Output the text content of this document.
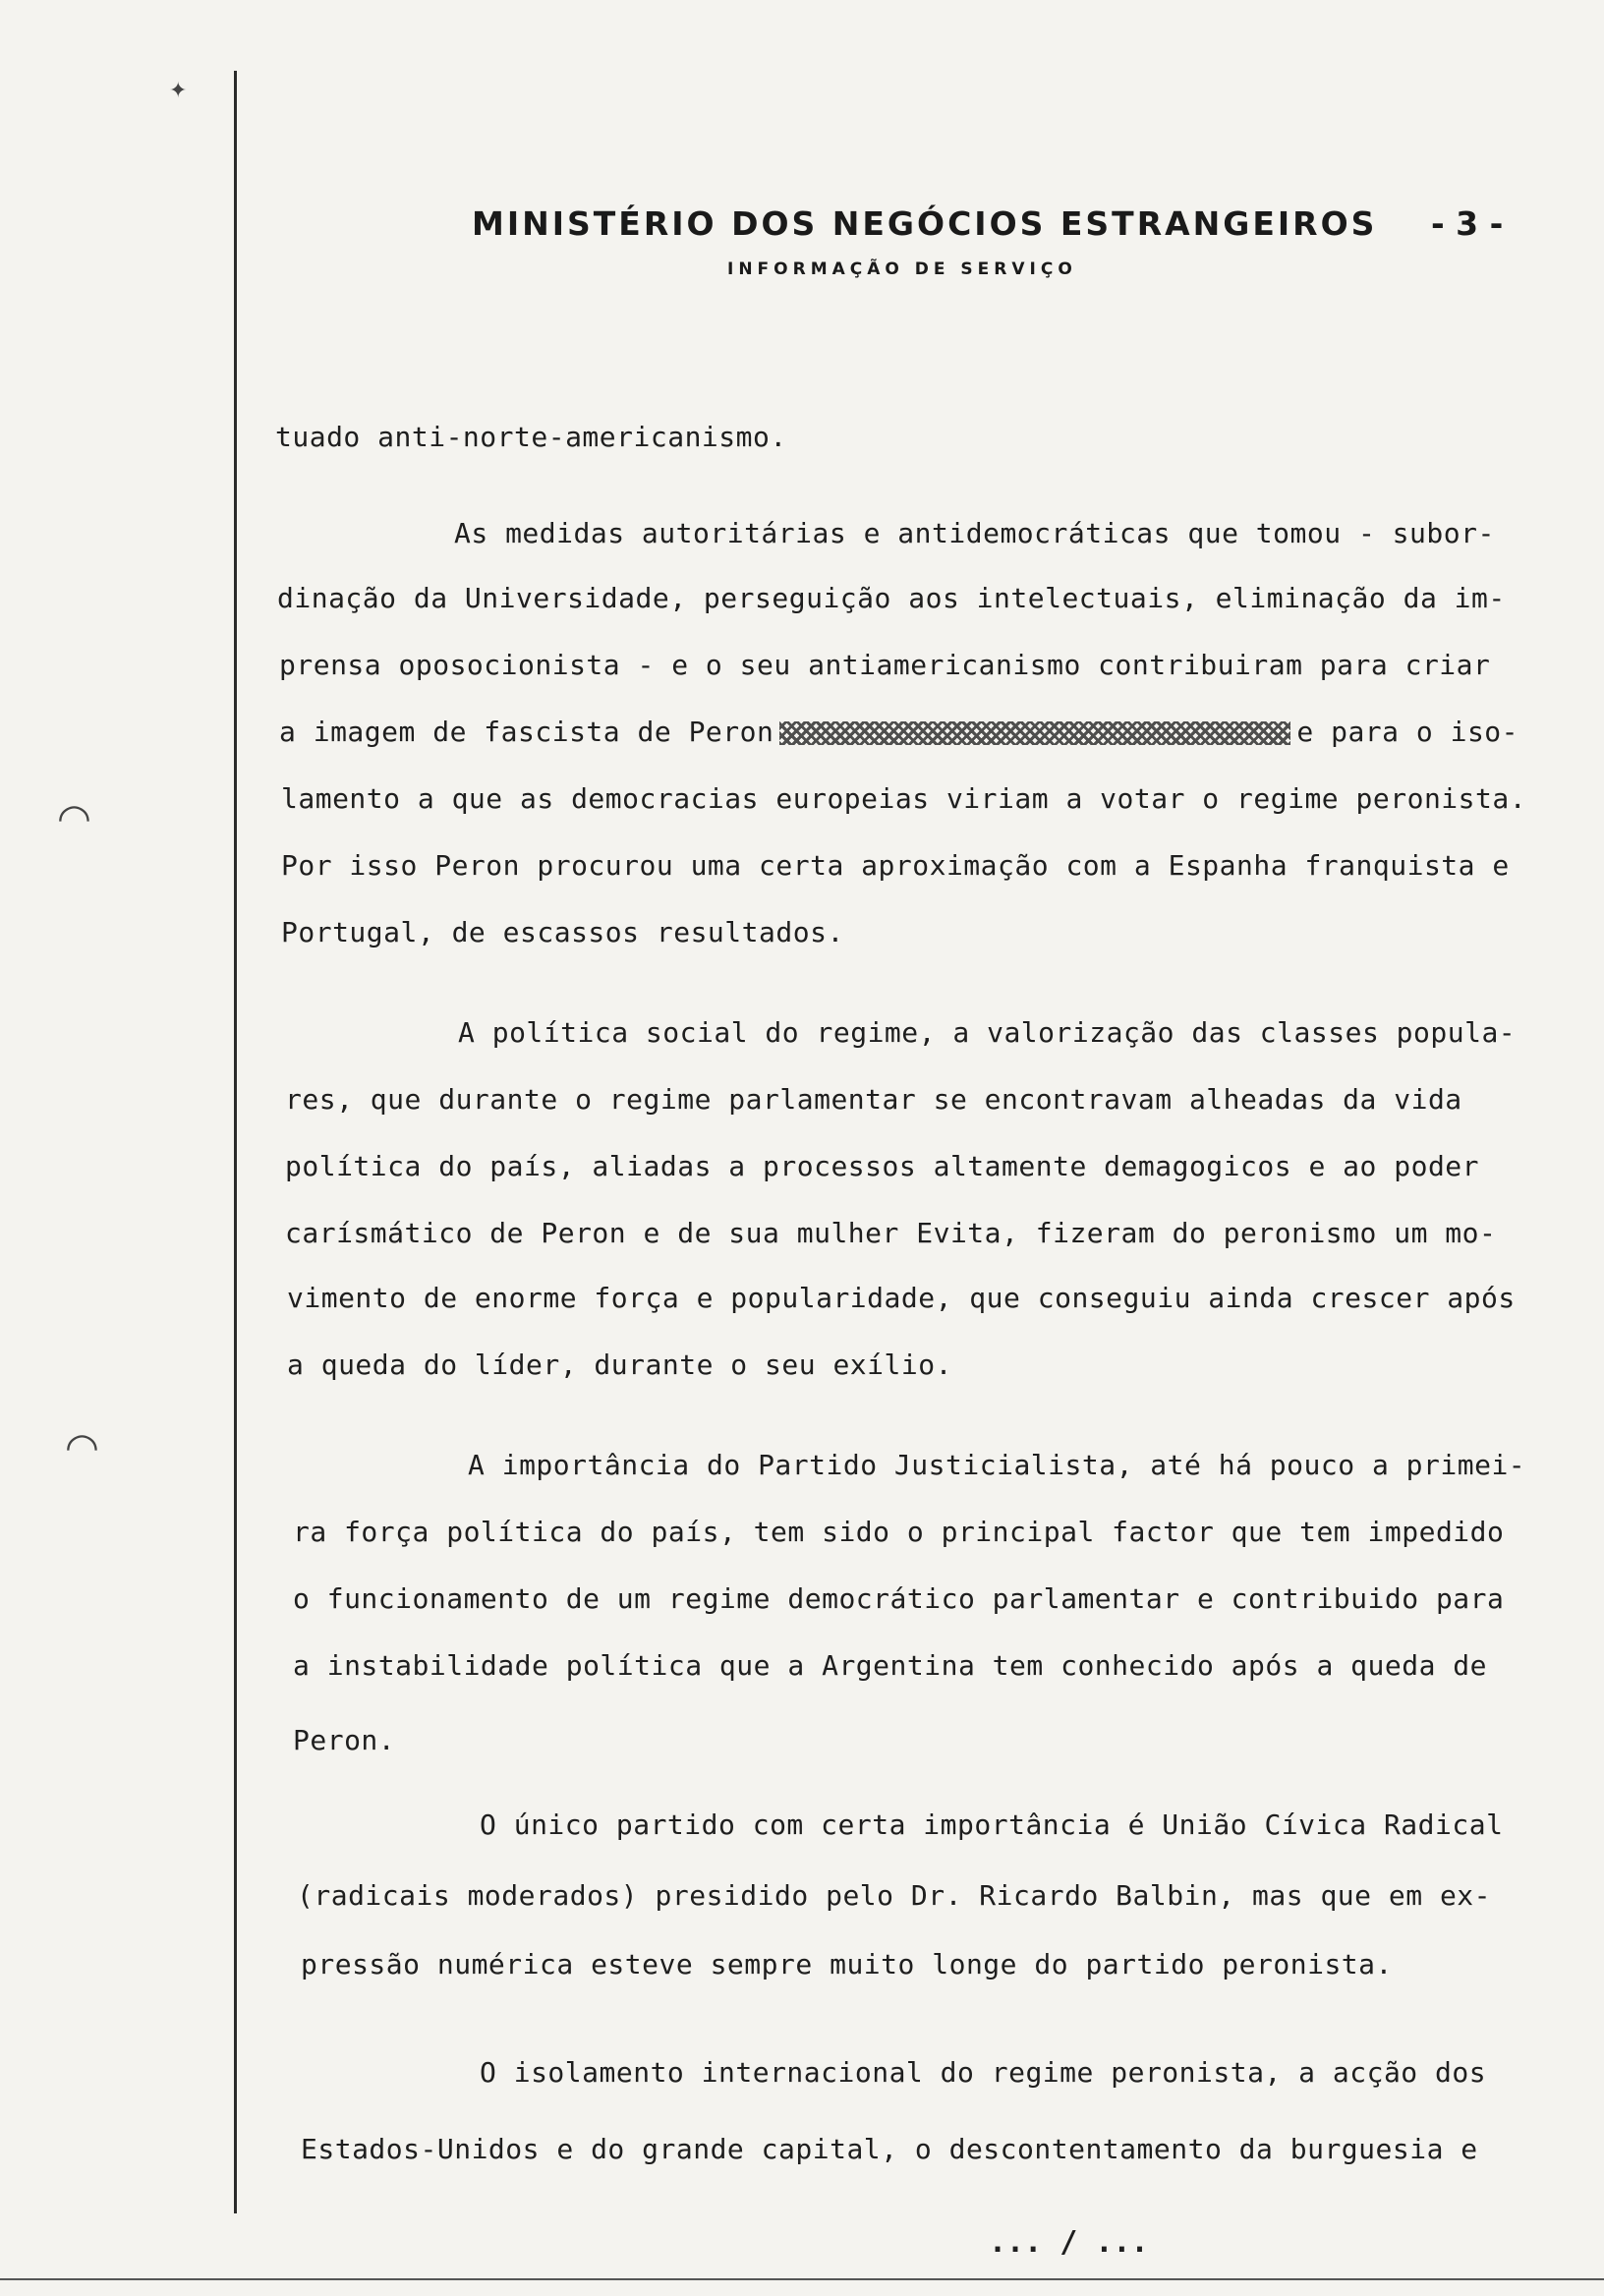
✦
◠
◠
MINISTÉRIO DOS NEGÓCIOS ESTRANGEIROS - 3 -
INFORMAÇÃO DE SERVIÇO
tuado anti-norte-americanismo.
As medidas autoritárias e antidemocráticas que tomou - subor-
dinação da Universidade, perseguição aos intelectuais, eliminação da im-
prensa oposocionista - e o seu antiamericanismo contribuiram para criar
a imagem de fascista de Peron	e para o iso-
lamento a que as democracias europeias viriam a votar o regime peronista.
Por isso Peron procurou uma certa aproximação com a Espanha franquista e
Portugal, de escassos resultados.
A política social do regime, a valorização das classes popula-
res, que durante o regime parlamentar se encontravam alheadas da vida
política do país, aliadas a processos altamente demagogicos e ao poder
carísmático de Peron e de sua mulher Evita, fizeram do peronismo um mo-
vimento de enorme força e popularidade, que conseguiu ainda crescer após
a queda do líder, durante o seu exílio.
A importância do Partido Justicialista, até há pouco a primei-
ra força política do país, tem sido o principal factor que tem impedido
o funcionamento de um regime democrático parlamentar e contribuido para
a instabilidade política que a Argentina tem conhecido após a queda de
Peron.
O único partido com certa importância é União Cívica Radical
(radicais moderados) presidido pelo Dr. Ricardo Balbin, mas que em ex-
pressão numérica esteve sempre muito longe do partido peronista.
O isolamento internacional do regime peronista, a acção dos
Estados-Unidos e do grande capital, o descontentamento da burguesia e
... / ...
